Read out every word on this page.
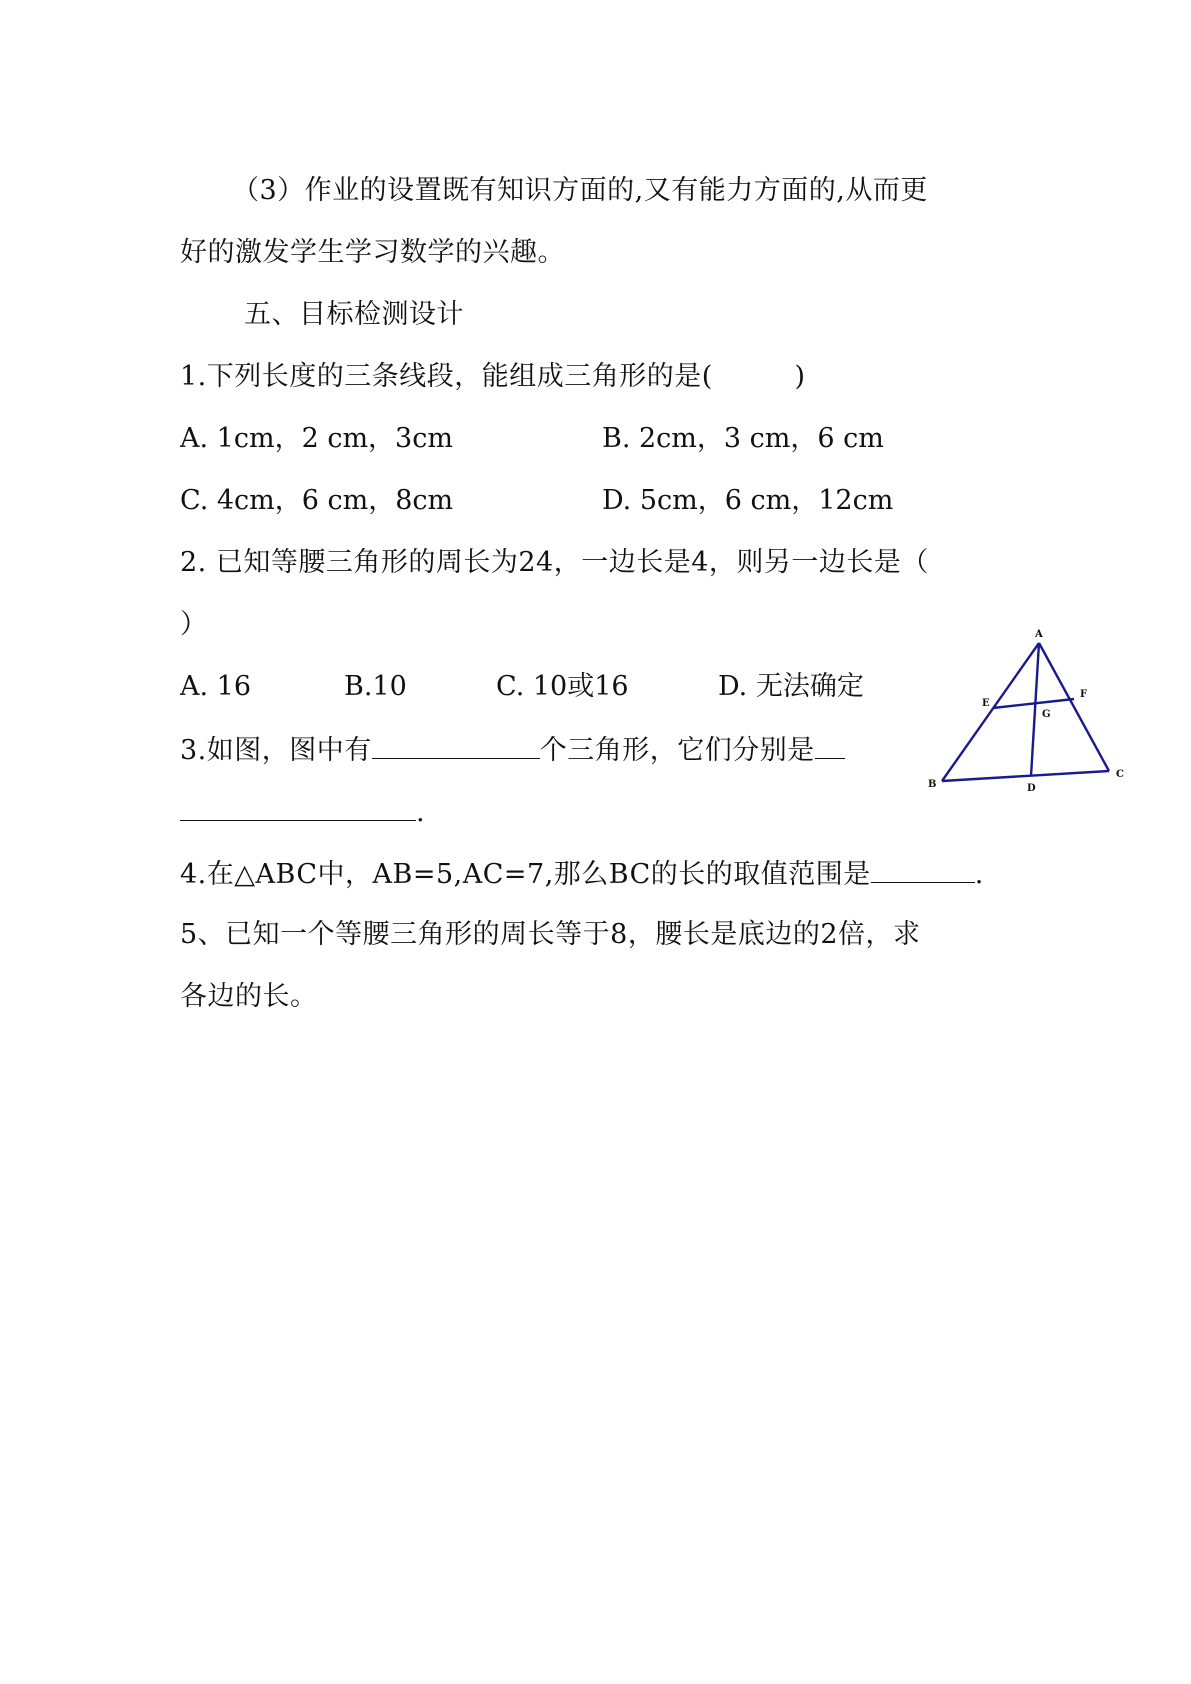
（3）作业的设置既有知识方面的,又有能力方面的,从而更
好的激发学生学习数学的兴趣。
五、目标检测设计
1.下列长度的三条线段，能组成三角形的是(         )
A. 1cm，2 cm，3cm	B. 2cm，3 cm，6 cm
C. 4cm，6 cm，8cm	D. 5cm，6 cm，12cm
2. 已知等腰三角形的周长为24，一边长是4，则另一边长是（
）
A. 16	B.10	C. 10或16	D. 无法确定
3.如图，图中有	个三角形，它们分别是
.
4.在△ABC中，AB=5,AC=7,那么BC的长的取值范围是	.
5、已知一个等腰三角形的周长等于8，腰长是底边的2倍，求
各边的长。
A
B
C
D
E
F
G
